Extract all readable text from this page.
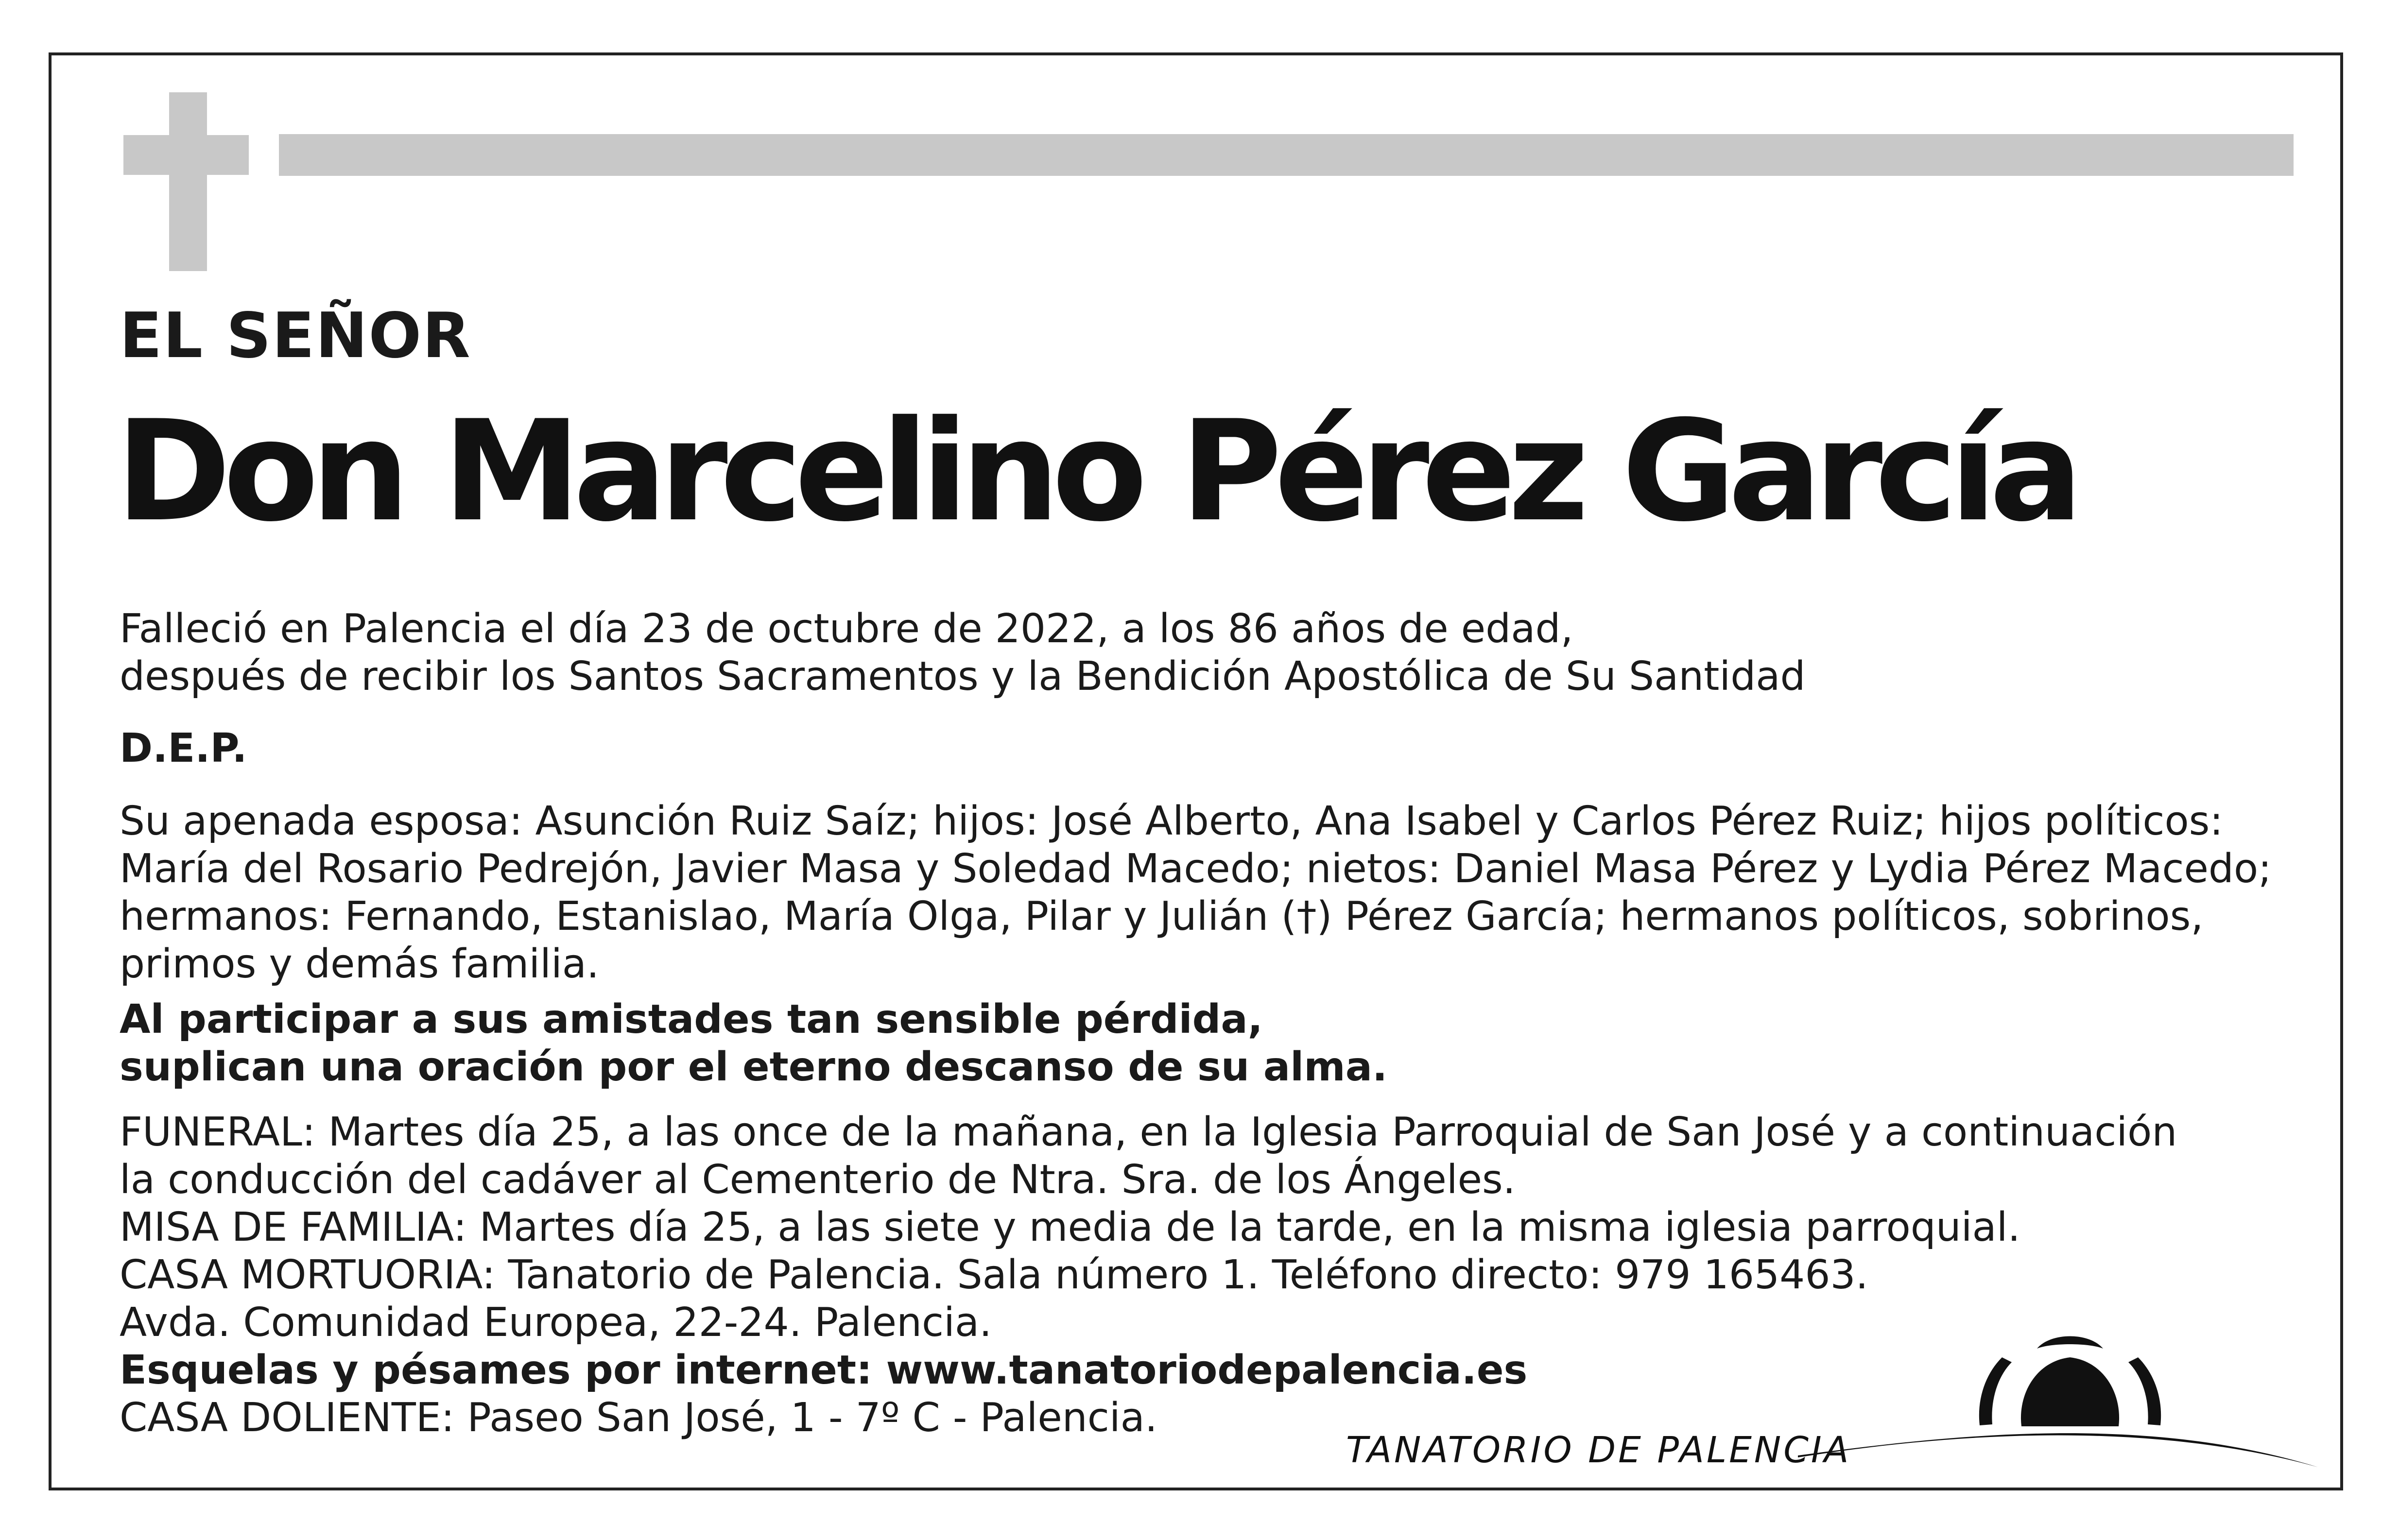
EL SEÑOR
Don Marcelino Pérez García
Falleció en Palencia el día 23 de octubre de 2022, a los 86 años de edad,
después de recibir los Santos Sacramentos y la Bendición Apostólica de Su Santidad
D.E.P.
Su apenada esposa: Asunción Ruiz Saíz; hijos: José Alberto, Ana Isabel y Carlos Pérez Ruiz; hijos políticos:
María del Rosario Pedrejón, Javier Masa y Soledad Macedo; nietos: Daniel Masa Pérez y Lydia Pérez Macedo;
hermanos: Fernando, Estanislao, María Olga, Pilar y Julián (†) Pérez García; hermanos políticos, sobrinos,
primos y demás familia.
Al participar a sus amistades tan sensible pérdida,
suplican una oración por el eterno descanso de su alma.
FUNERAL: Martes día 25, a las once de la mañana, en la Iglesia Parroquial de San José y a continuación
la conducción del cadáver al Cementerio de Ntra. Sra. de los Ángeles.
MISA DE FAMILIA: Martes día 25, a las siete y media de la tarde, en la misma iglesia parroquial.
CASA MORTUORIA: Tanatorio de Palencia. Sala número 1. Teléfono directo: 979 165463.
Avda. Comunidad Europea, 22-24. Palencia.
Esquelas y pésames por internet: www.tanatoriodepalencia.es
CASA DOLIENTE: Paseo San José, 1 - 7º C - Palencia.
TANATORIO DE PALENCIA
